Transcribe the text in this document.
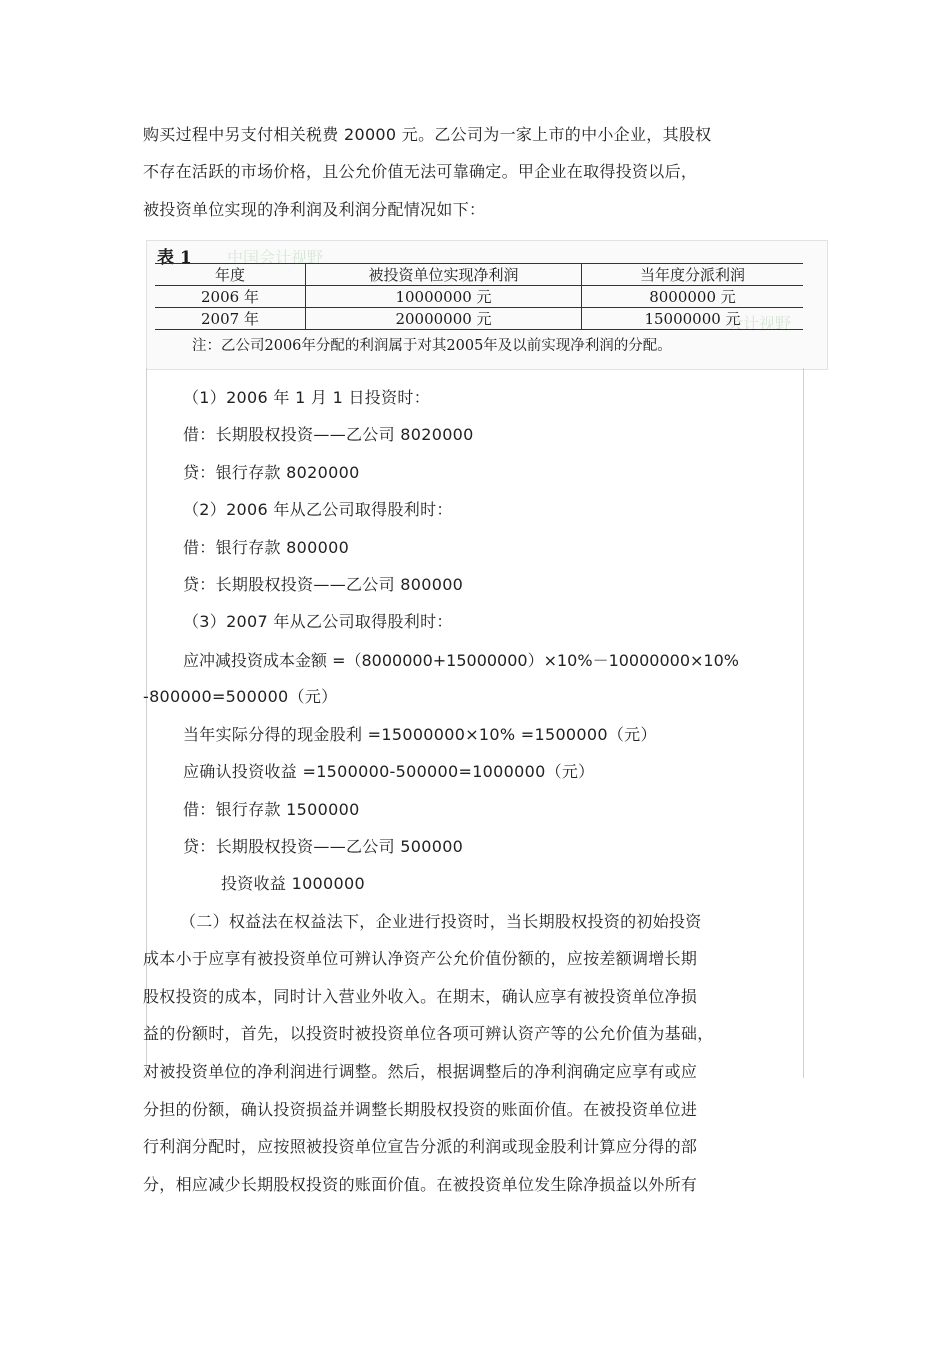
购买过程中另支付相关税费 20000 元。乙公司为一家上市的中小企业，其股权
不存在活跃的市场价格，且公允价值无法可靠确定。甲企业在取得投资以后，
被投资单位实现的净利润及利润分配情况如下：
中国会计视野
会计视野
表 1
年度	被投资单位实现净利润	当年度分派利润
2006 年	10000000 元	8000000 元
2007 年	20000000 元	15000000 元
注：乙公司2006年分配的利润属于对其2005年及以前实现净利润的分配。
（1）2006 年 1 月 1 日投资时：
借：长期股权投资——乙公司 8020000
贷：银行存款 8020000
（2）2006 年从乙公司取得股利时：
借：银行存款 800000
贷：长期股权投资——乙公司 800000
（3）2007 年从乙公司取得股利时：
应冲减投资成本金额 =（8000000+15000000）×10%－10000000×10%
-800000=500000（元）
当年实际分得的现金股利 =15000000×10% =1500000（元）
应确认投资收益 =1500000-500000=1000000（元）
借：银行存款 1500000
贷：长期股权投资——乙公司 500000
投资收益 1000000
（二）权益法在权益法下，企业进行投资时，当长期股权投资的初始投资
成本小于应享有被投资单位可辨认净资产公允价值份额的，应按差额调增长期
股权投资的成本，同时计入营业外收入。在期末，确认应享有被投资单位净损
益的份额时，首先，以投资时被投资单位各项可辨认资产等的公允价值为基础，
对被投资单位的净利润进行调整。然后，根据调整后的净利润确定应享有或应
分担的份额，确认投资损益并调整长期股权投资的账面价值。在被投资单位进
行利润分配时，应按照被投资单位宣告分派的利润或现金股利计算应分得的部
分，相应减少长期股权投资的账面价值。在被投资单位发生除净损益以外所有
